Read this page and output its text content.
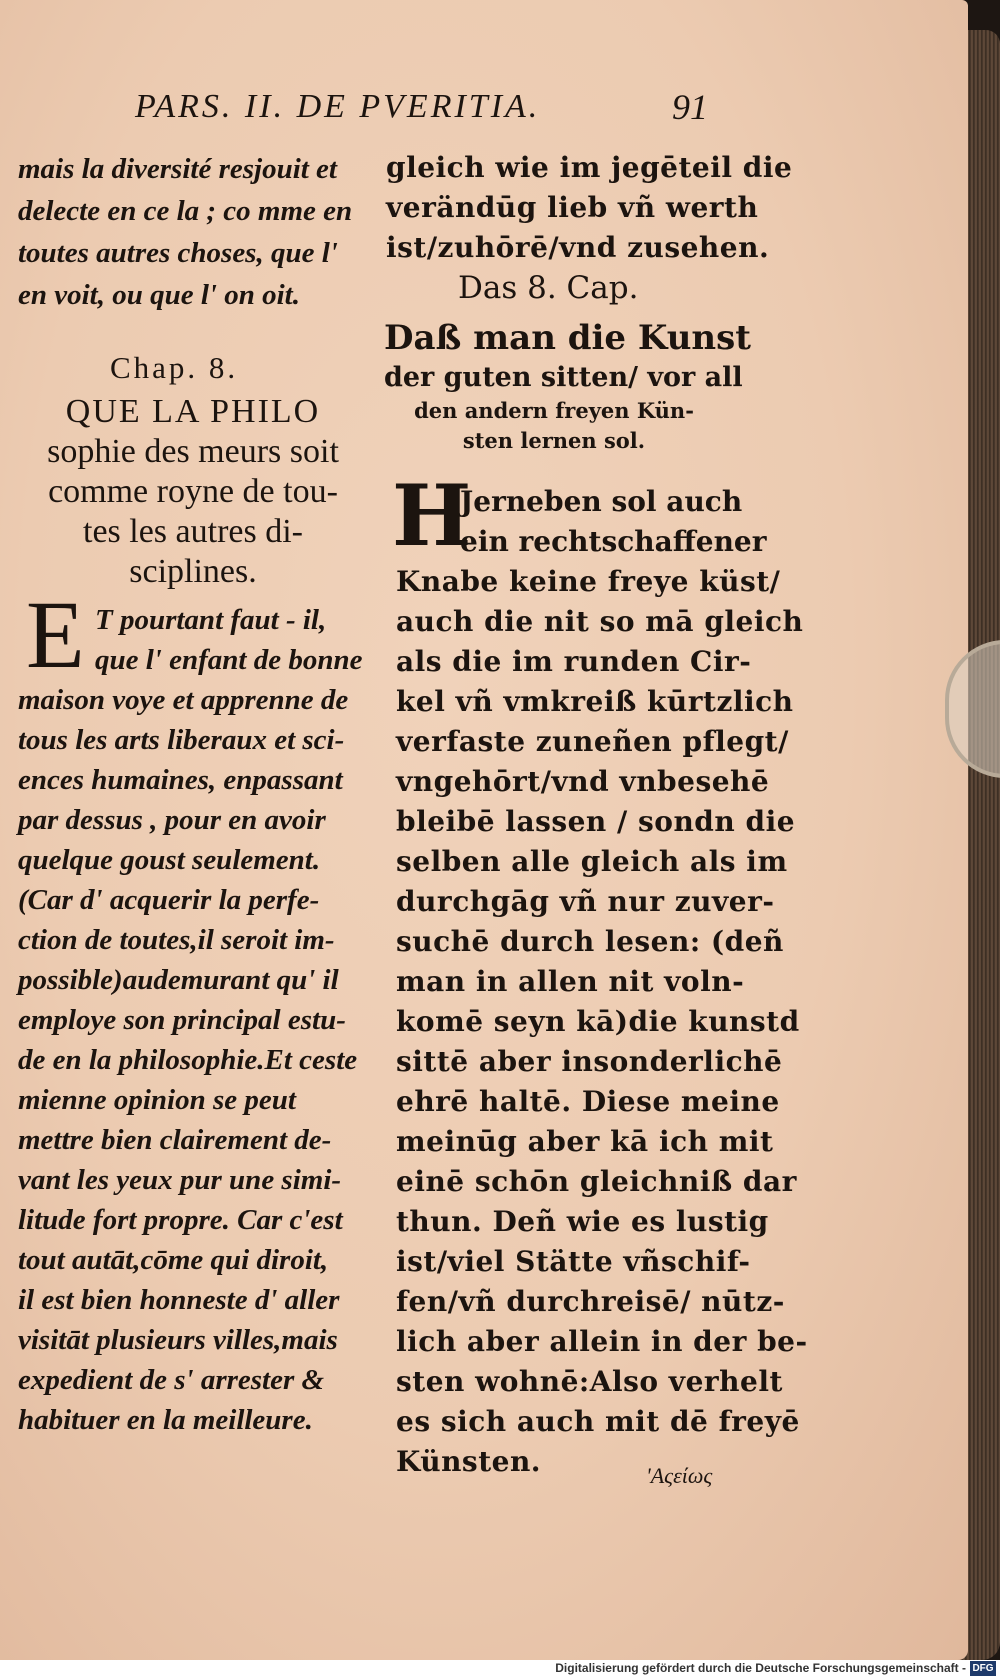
PARS. II. DE PVERITIA.	91
mais la diversité resjouit et
delecte en ce la ; co mme en
toutes autres choses, que l'
en voit, ou que l' on oit.
Chap. 8.
QUE LA PHILO
sophie des meurs soit
comme royne de tou-
tes les autres di-
sciplines.
E T pourtant faut - il,
que l' enfant de bonne
maison voye et apprenne de
tous les arts liberaux et sci-
ences humaines, enpassant
par dessus , pour en avoir
quelque goust seulement.
(Car d' acquerir la perfe-
ction de toutes,il seroit im-
possible)audemurant qu' il
employe son principal estu-
de en la philosophie.Et ceste
mienne opinion se peut
mettre bien clairement de-
vant les yeux pur une simi-
litude fort propre. Car c'est
tout autāt,cōme qui diroit,
il est bien honneste d' aller
visitāt plusieurs villes,mais
expedient de s' arrester &
habituer en la meilleure.
gleich wie im jegēteil die
verändūg lieb vñ werth
ist/zuhōrē/vnd zusehen.
Das 8. Cap.
Daß man die Kunst
der guten sitten/ vor all
den andern freyen Kün-
sten lernen sol.
H
Jerneben sol auch
ein rechtschaffener
Knabe keine freye küst/
auch die nit so mā gleich
als die im runden Cir-
kel vñ vmkreiß kūrtzlich
verfaste zuneñen pflegt/
vngehōrt/vnd vnbesehē
bleibē lassen / sondn die
selben alle gleich als im
durchgāg vñ nur zuver-
suchē durch lesen: (deñ
man in allen nit voln-
komē seyn kā)die kunstd
sittē aber insonderlichē
ehrē haltē. Diese meine
meinūg aber kā ich mit
einē schōn gleichniß dar
thun. Deñ wie es lustig
ist/viel Stätte vñschif-
fen/vñ durchreisē/ nūtz-
lich aber allein in der be-
sten wohnē:Also verhelt
es sich auch mit dē freyē
Künsten.	'Αςείως
Digitalisierung gefördert durch die Deutsche Forschungsgemeinschaft - DFG
